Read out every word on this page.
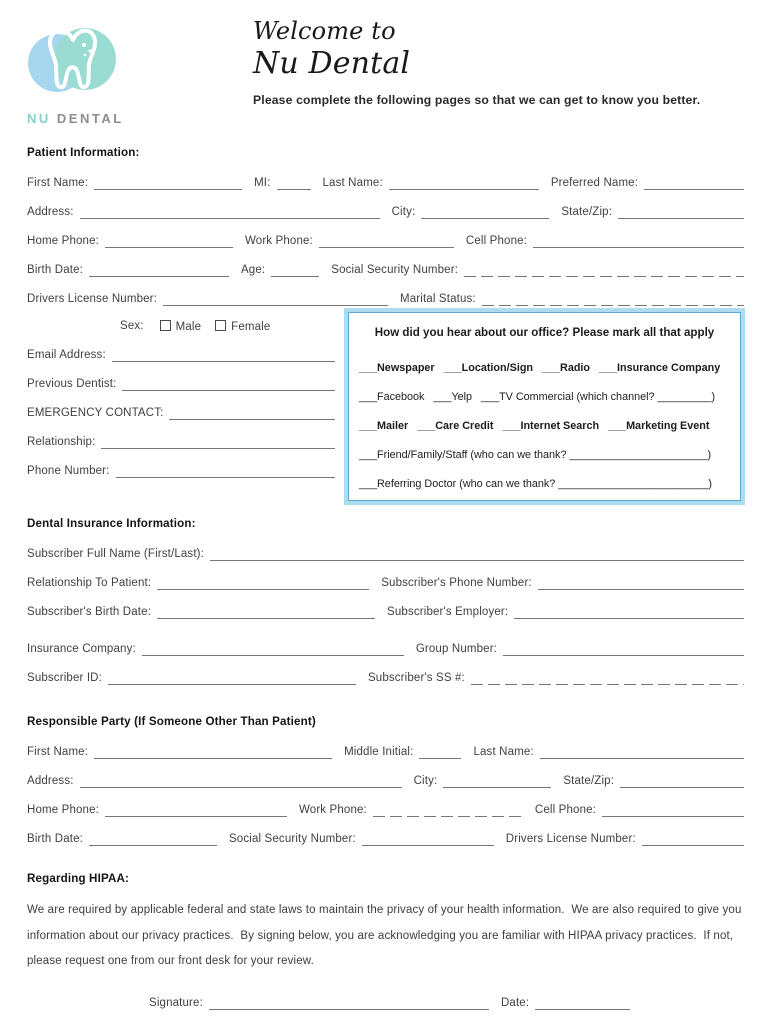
NU DENTAL
Welcome to
Nu Dental
Please complete the following pages so that we can get to know you better.
Patient Information:
First Name:	MI:	Last Name:	Preferred Name:
Address:	City:	State/Zip:
Home Phone:	Work Phone:	Cell Phone:
Birth Date:	Age:	Social Security Number:
Drivers License Number:	Marital Status:
Sex:	Male	Female
Email Address:
Previous Dentist:
EMERGENCY CONTACT:
Relationship:
Phone Number:
How did you hear about our office? Please mark all that apply
___Newspaper   ___Location/Sign   ___Radio   ___Insurance Company
___Facebook   ___Yelp   ___TV Commercial (which channel? _________)
___Mailer   ___Care Credit   ___Internet Search   ___Marketing Event
___Friend/Family/Staff (who can we thank? _______________________)
___Referring Doctor (who can we thank? _________________________)
Dental Insurance Information:
Subscriber Full Name (First/Last):
Relationship To Patient:	Subscriber's Phone Number:
Subscriber's Birth Date:	Subscriber's Employer:
Insurance Company:	Group Number:
Subscriber ID:	Subscriber's SS #:
Responsible Party (If Someone Other Than Patient)
First Name:	Middle Initial:	Last Name:
Address:	City:	State/Zip:
Home Phone:	Work Phone:	Cell Phone:
Birth Date:	Social Security Number:	Drivers License Number:
Regarding HIPAA:
We are required by applicable federal and state laws to maintain the privacy of your health information.  We are also required to give you information about our privacy practices.  By signing below, you are acknowledging you are familiar with HIPAA privacy practices.  If not, please request one from our front desk for your review.
Signature:	Date:
